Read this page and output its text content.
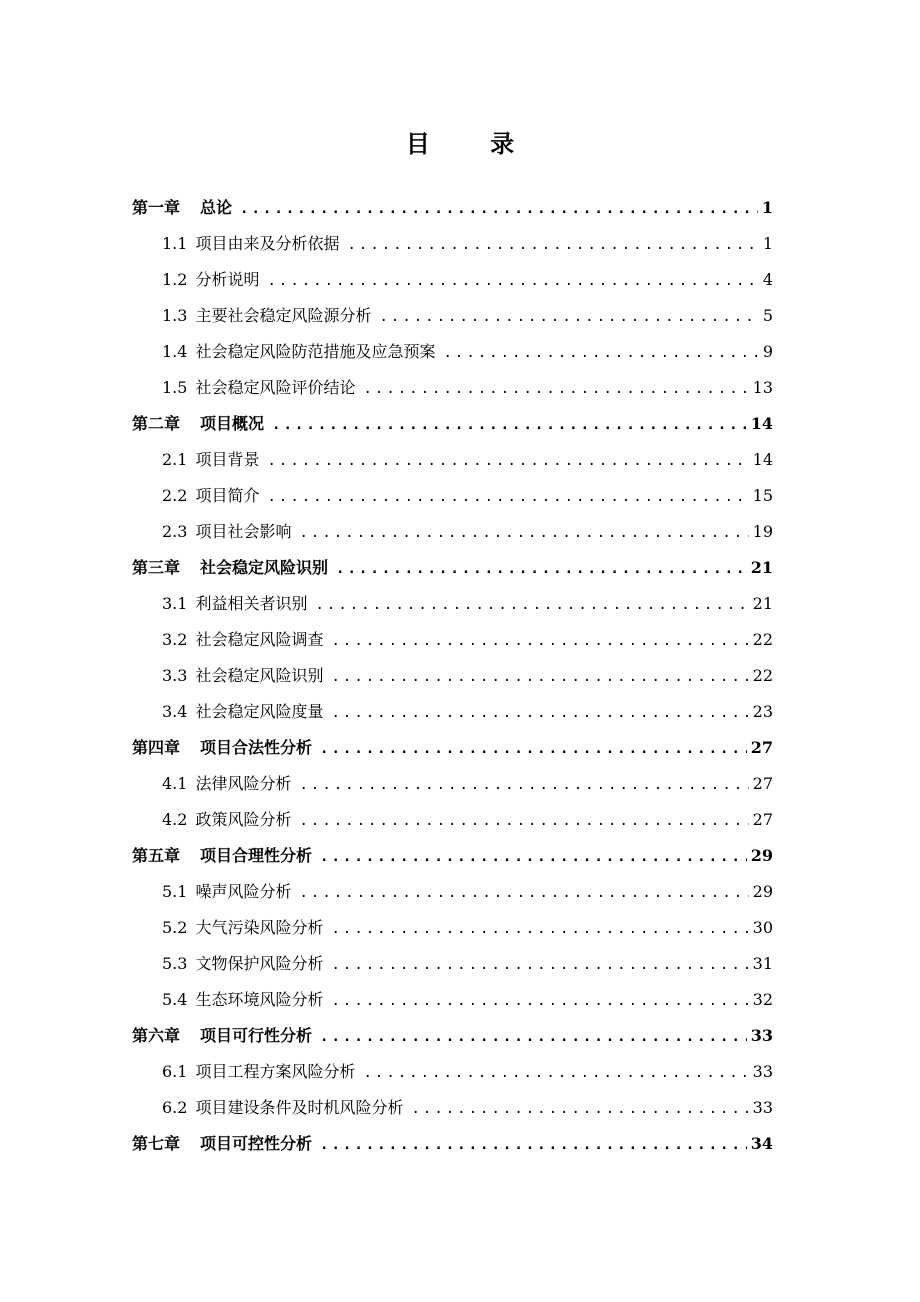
目 录
第一章 总论 .....	1
1.1 项目由来及分析依据 .....	1
1.2 分析说明 .....	4
1.3 主要社会稳定风险源分析 .....	5
1.4 社会稳定风险防范措施及应急预案 .....	9
1.5 社会稳定风险评价结论 .....	13
第二章 项目概况 .....	14
2.1 项目背景 .....	14
2.2 项目简介 .....	15
2.3 项目社会影响 .....	19
第三章 社会稳定风险识别 .....	21
3.1 利益相关者识别 .....	21
3.2 社会稳定风险调查 .....	22
3.3 社会稳定风险识别 .....	22
3.4 社会稳定风险度量 .....	23
第四章 项目合法性分析 .....	27
4.1 法律风险分析 .....	27
4.2 政策风险分析 .....	27
第五章 项目合理性分析 .....	29
5.1 噪声风险分析 .....	29
5.2 大气污染风险分析 .....	30
5.3 文物保护风险分析 .....	31
5.4 生态环境风险分析 .....	32
第六章 项目可行性分析 .....	33
6.1 项目工程方案风险分析 .....	33
6.2 项目建设条件及时机风险分析 .....	33
第七章 项目可控性分析 .....	34
